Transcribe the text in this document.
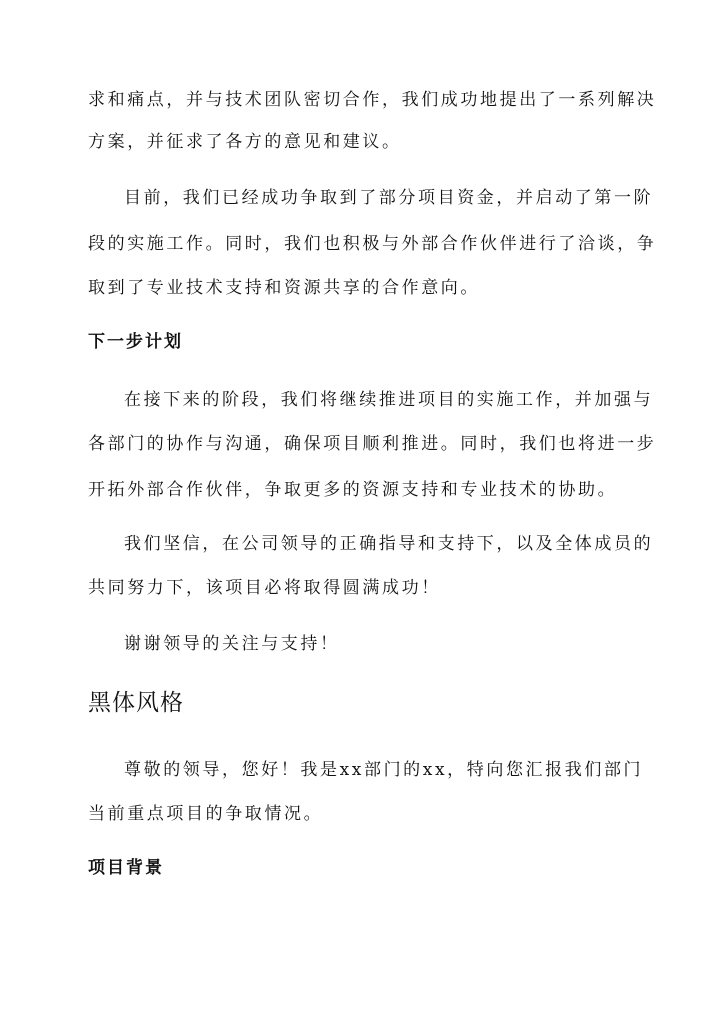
求和痛点，并与技术团队密切合作，我们成功地提出了一系列解决
方案，并征求了各方的意见和建议。
目前，我们已经成功争取到了部分项目资金，并启动了第一阶
段的实施工作。同时，我们也积极与外部合作伙伴进行了洽谈，争
取到了专业技术支持和资源共享的合作意向。
下一步计划
在接下来的阶段，我们将继续推进项目的实施工作，并加强与
各部门的协作与沟通，确保项目顺利推进。同时，我们也将进一步
开拓外部合作伙伴，争取更多的资源支持和专业技术的协助。
我们坚信，在公司领导的正确指导和支持下，以及全体成员的
共同努力下，该项目必将取得圆满成功！
谢谢领导的关注与支持！
黑体风格
尊敬的领导，您好！我是xx部门的xx，特向您汇报我们部门
当前重点项目的争取情况。
项目背景
